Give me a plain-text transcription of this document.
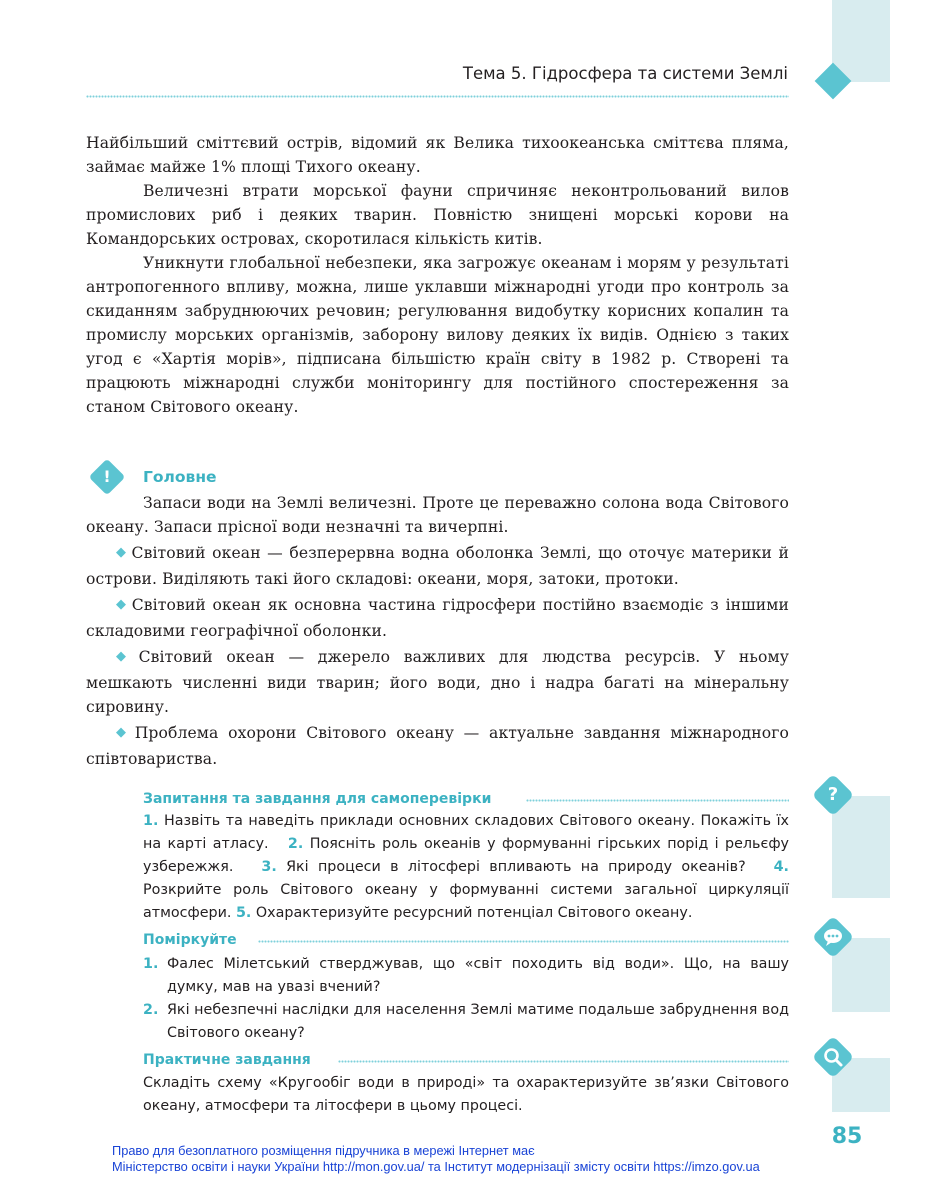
Тема 5. Гідросфера та системи Землі

Найбільший сміттєвий острів, відомий як Велика тихоокеанська сміттєва пляма, займає майже 1% площі Тихого океану.

Величезні втрати морської фауни спричиняє неконтрольований вилов промислових риб і деяких тварин. Повністю знищені морські корови на Командорських островах, скоротилася кількість китів.

Уникнути глобальної небезпеки, яка загрожує океанам і морям у результаті антропогенного впливу, можна, лише уклавши міжнародні угоди про контроль за скиданням забруднюючих речовин; регулювання видобутку корисних копалин та промислу морських організмів, заборону вилову деяких їх видів. Однією з таких угод є «Хартія морів», підписана більшістю країн світу в 1982 р. Створені та працюють міжнародні служби моніторингу для постійного спостереження за станом Світового океану.

!	Головне

Запаси води на Землі величезні. Проте це переважно солона вода Світового океану. Запаси прісної води незначні та вичерпні.

◆ Світовий океан — безперервна водна оболонка Землі, що оточує материки й острови. Виділяють такі його складові: океани, моря, затоки, протоки.

◆ Світовий океан як основна частина гідросфери постійно взаємодіє з іншими складовими географічної оболонки.

◆ Світовий океан — джерело важливих для людства ресурсів. У ньому мешкають численні види тварин; його води, дно і надра багаті на мінеральну сировину.

◆ Проблема охорони Світового океану — актуальне завдання міжнародного співтовариства.

?
Запитання та завдання для самоперевірки
1. Назвіть та наведіть приклади основних складових Світового океану. Покажіть їх на карті атласу. 2. Поясніть роль океанів у формуванні гірських порід і рельєфу узбережжя. 3. Які процеси в літосфері впливають на природу океанів? 4. Розкрийте роль Світового океану у формуванні системи загальної циркуляції атмосфери. 5. Охарактеризуйте ресурсний потенціал Світового океану.
Поміркуйте
1. Фалес Мілетський стверджував, що «світ походить від води». Що, на вашу думку, мав на увазі вчений?
2. Які небезпечні наслідки для населення Землі матиме подальше забруднення вод Світового океану?
Практичне завдання
Складіть схему «Кругообіг води в природі» та охарактеризуйте зв’язки Світового океану, атмосфери та літосфери в цьому процесі.
85
Право для безоплатного розміщення підручника в мережі Інтернет має
Міністерство освіти і науки України http://mon.gov.ua/ та Інститут модернізації змісту освіти https://imzo.gov.ua
